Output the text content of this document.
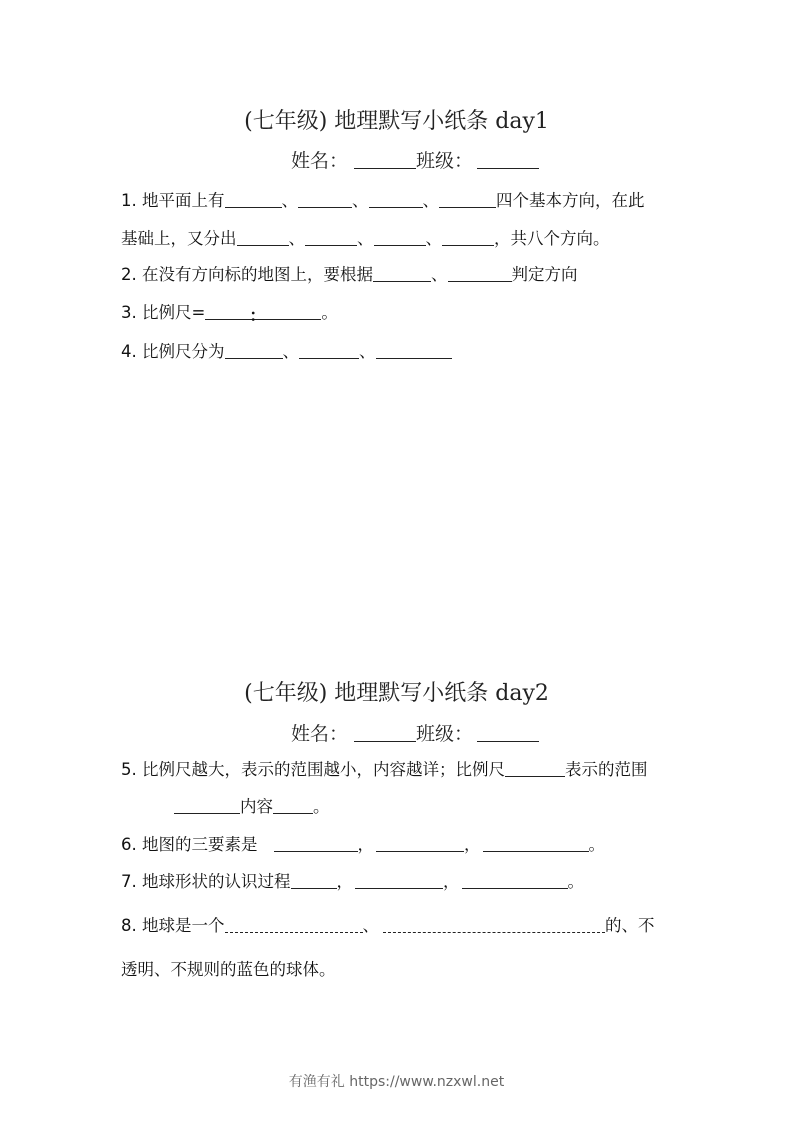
(七年级) 地理默写小纸条 day1
姓名：	班级：
1. 地平面上有	、	、	、	四个基本方向，在此
基础上，又分出	、	、	、	，共八个方向。
2. 在没有方向标的地图上，要根据	、	判定方向
3. 比例尺=	：	。
4. 比例尺分为	、	、
(七年级) 地理默写小纸条 day2
姓名：	班级：
5. 比例尺越大，表示的范围越小，内容越详；比例尺	表示的范围
内容 。
6. 地图的三要素是	，	，	。
7. 地球形状的认识过程	，	，	。
8. 地球是一个	、	的、不
透明、不规则的蓝色的球体。
有渔有礼 https://www.nzxwl.net
